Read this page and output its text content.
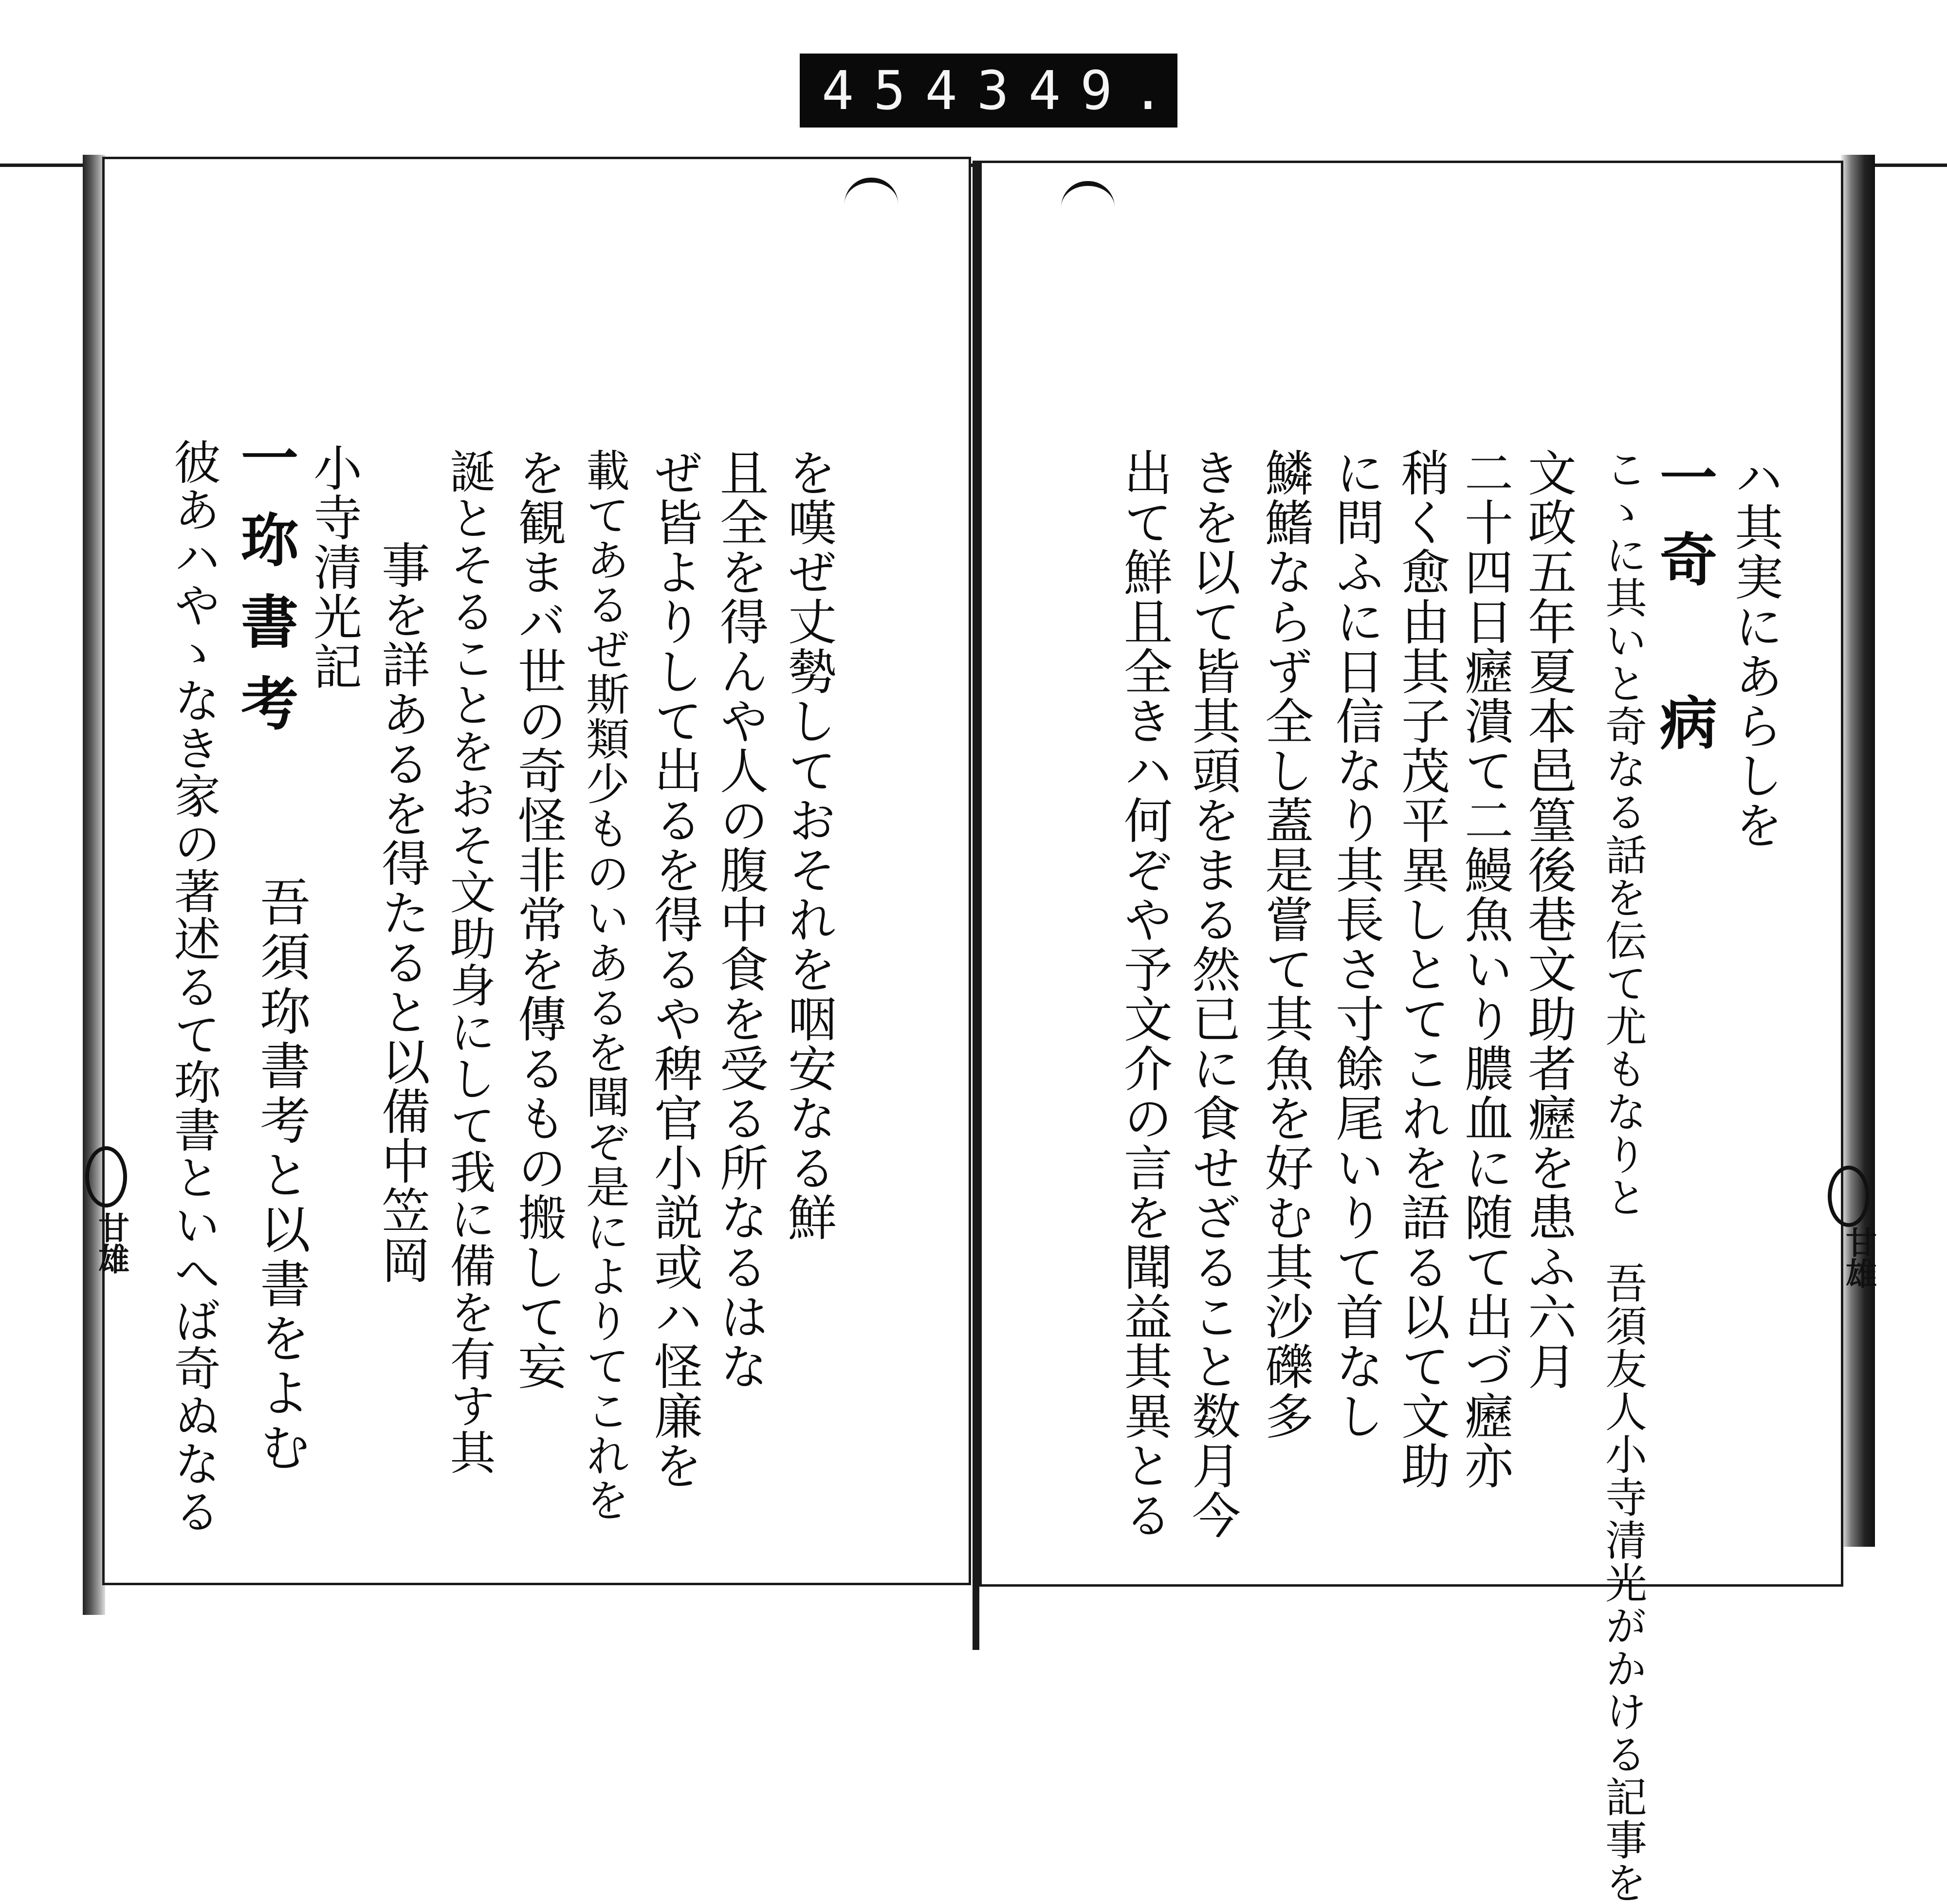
454 349.
甘雄	甘雄
ハ其実にあらしを
一奇　病
こゝに其いと奇なる話を伝て尤もなりと　吾須友人小寺清光がかける記事を
文政五年夏本邑篁後巷文助者癧を患ふ六月
二十四日癧潰て二鰻魚いり膿血に随て出づ癧亦
稍く愈由其子茂平異しとてこれを語る以て文助
に問ふに日信なり其長さ寸餘尾いりて首なし
鱗鰭ならず全し蓋是嘗て其魚を好む其沙礫多
きを以て皆其頭をまる然已に食せざること数月今
出て鮮且全きハ何ぞや予文介の言を聞益其異とる
を嘆ぜ丈勢しておそれを咽安なる鮮
且全を得んや人の腹中食を受る所なるはな
ぜ皆よりして出るを得るや稗官小説或ハ怪廉を
載てあるぜ斯類少ものいあるを聞ぞ是によりてこれを
を観まバ世の奇怪非常を傳るもの搬して妄
誕とそることをおそ文助身にして我に備を有す其
事を詳あるを得たると以備中笠岡
小寺清光記
吾須珎書考と以書をよむ
一珎書考
彼あハやゝなき家の著述るて珎書といへば奇ぬなる
